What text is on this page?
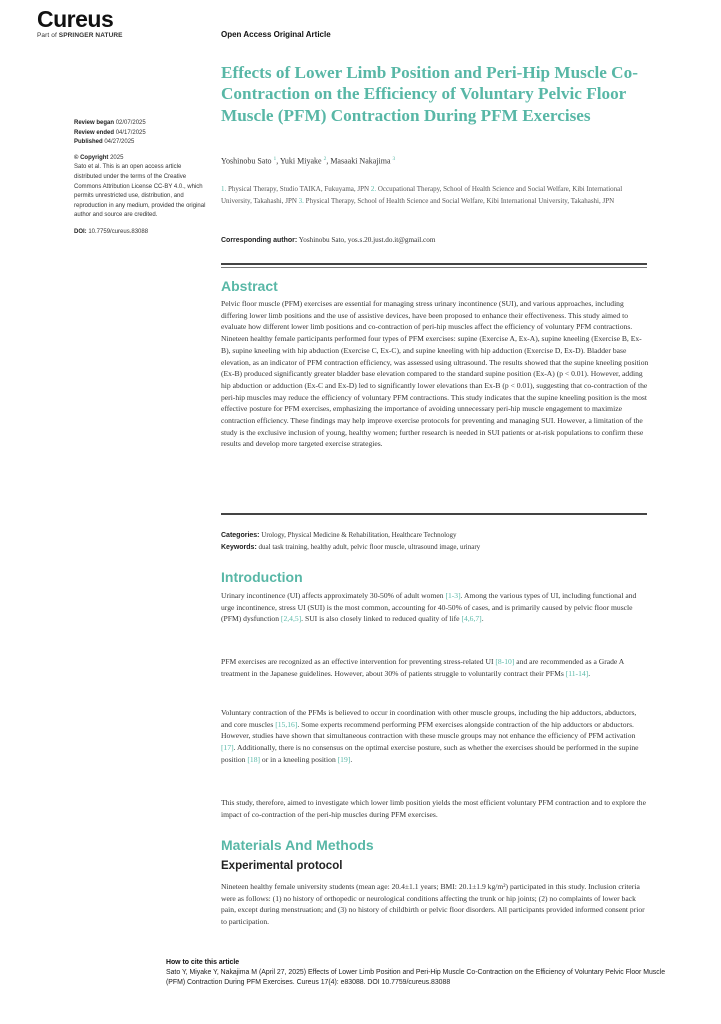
Cureus
Part of SPRINGER NATURE	Open Access Original Article
Effects of Lower Limb Position and Peri-Hip Muscle Co-Contraction on the Efficiency of Voluntary Pelvic Floor Muscle (PFM) Contraction During PFM Exercises
Review began 02/07/2025
Review ended 04/17/2025
Published 04/27/2025
© Copyright 2025
Sato et al. This is an open access article distributed under the terms of the Creative Commons Attribution License CC-BY 4.0., which permits unrestricted use, distribution, and reproduction in any medium, provided the original author and source are credited.
DOI: 10.7759/cureus.83088
Yoshinobu Sato $^1$, Yuki Miyake $^2$, Masaaki Nakajima $^3$
1. Physical Therapy, Studio TAIKA, Fukuyama, JPN 2. Occupational Therapy, School of Health Science and Social Welfare, Kibi International University, Takahashi, JPN 3. Physical Therapy, School of Health Science and Social Welfare, Kibi International University, Takahashi, JPN
Corresponding author: Yoshinobu Sato, yos.s.20.just.do.it@gmail.com
Abstract

Pelvic floor muscle (PFM) exercises are essential for managing stress urinary incontinence (SUI), and various approaches, including differing lower limb positions and the use of assistive devices, have been proposed to enhance their effectiveness. This study aimed to evaluate how different lower limb positions and co-contraction of peri-hip muscles affect the efficiency of voluntary PFM contractions. Nineteen healthy female participants performed four types of PFM exercises: supine (Exercise A, Ex-A), supine kneeling (Exercise B, Ex-B), supine kneeling with hip abduction (Exercise C, Ex-C), and supine kneeling with hip adduction (Exercise D, Ex-D). Bladder base elevation, as an indicator of PFM contraction efficiency, was assessed using ultrasound. The results showed that the supine kneeling position (Ex-B) produced significantly greater bladder base elevation compared to the standard supine position (Ex-A) (p < 0.01). However, adding hip abduction or adduction (Ex-C and Ex-D) led to significantly lower elevations than Ex-B (p < 0.01), suggesting that co-contraction of the peri-hip muscles may reduce the efficiency of voluntary PFM contractions. This study indicates that the supine kneeling position is the most effective posture for PFM exercises, emphasizing the importance of avoiding unnecessary peri-hip muscle engagement to maximize contraction efficiency. These findings may help improve exercise protocols for preventing and managing SUI. However, a limitation of the study is the exclusive inclusion of young, healthy women; further research is needed in SUI patients or at-risk populations to confirm these results and develop more targeted exercise strategies.

Categories: Urology, Physical Medicine & Rehabilitation, Healthcare Technology
Keywords: dual task training, healthy adult, pelvic floor muscle, ultrasound image, urinary
Introduction

Urinary incontinence (UI) affects approximately 30-50% of adult women [1-3]. Among the various types of UI, including functional and urge incontinence, stress UI (SUI) is the most common, accounting for 40-50% of cases, and is primarily caused by pelvic floor muscle (PFM) dysfunction [2,4,5]. SUI is also closely linked to reduced quality of life [4,6,7].

PFM exercises are recognized as an effective intervention for preventing stress-related UI [8-10] and are recommended as a Grade A treatment in the Japanese guidelines. However, about 30% of patients struggle to voluntarily contract their PFMs [11-14].

Voluntary contraction of the PFMs is believed to occur in coordination with other muscle groups, including the hip adductors, abductors, and core muscles [15,16]. Some experts recommend performing PFM exercises alongside contraction of the hip adductors or abductors. However, studies have shown that simultaneous contraction with these muscle groups may not enhance the efficiency of PFM activation [17]. Additionally, there is no consensus on the optimal exercise posture, such as whether the exercises should be performed in the supine position [18] or in a kneeling position [19].

This study, therefore, aimed to investigate which lower limb position yields the most efficient voluntary PFM contraction and to explore the impact of co-contraction of the peri-hip muscles during PFM exercises.

Materials And Methods
Experimental protocol

Nineteen healthy female university students (mean age: 20.4±1.1 years; BMI: 20.1±1.9 kg/m²) participated in this study. Inclusion criteria were as follows: (1) no history of orthopedic or neurological conditions affecting the trunk or hip joints; (2) no complaints of lower back pain, except during menstruation; and (3) no history of childbirth or pelvic floor disorders. All participants provided informed consent prior to participation.

How to cite this article
Sato Y, Miyake Y, Nakajima M (April 27, 2025) Effects of Lower Limb Position and Peri-Hip Muscle Co-Contraction on the Efficiency of Voluntary Pelvic Floor Muscle (PFM) Contraction During PFM Exercises. Cureus 17(4): e83088. DOI 10.7759/cureus.83088
